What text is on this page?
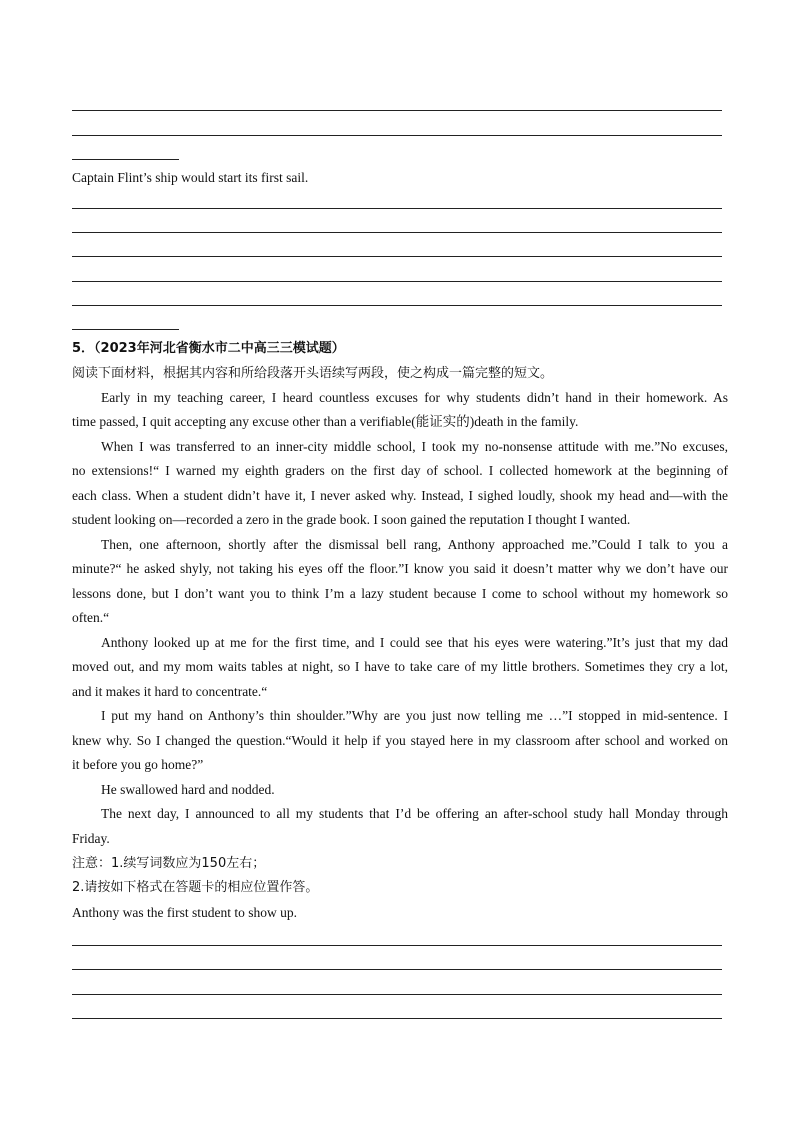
Captain Flint’s ship would start its first sail.
5．（2023年河北省衡水市二中高三三模试题）
阅读下面材料，根据其内容和所给段落开头语续写两段，使之构成一篇完整的短文。
Early in my teaching career, I heard countless excuses for why students didn’t hand in their homework. As
time passed, I quit accepting any excuse other than a verifiable(能证实的)death in the family.
When I was transferred to an inner-city middle school, I took my no-nonsense attitude with me.”No excuses,
no extensions!“ I warned my eighth graders on the first day of school. I collected homework at the beginning of
each class. When a student didn’t have it, I never asked why. Instead, I sighed loudly, shook my head and—with the
student looking on—recorded a zero in the grade book. I soon gained the reputation I thought I wanted.
Then, one afternoon, shortly after the dismissal bell rang, Anthony approached me.”Could I talk to you a
minute?“ he asked shyly, not taking his eyes off the floor.”I know you said it doesn’t matter why we don’t have our
lessons done, but I don’t want you to think I’m a lazy student because I come to school without my homework so
often.“
Anthony looked up at me for the first time, and I could see that his eyes were watering.”It’s just that my dad
moved out, and my mom waits tables at night, so I have to take care of my little brothers. Sometimes they cry a lot,
and it makes it hard to concentrate.“
I put my hand on Anthony’s thin shoulder.”Why are you just now telling me …”I stopped in mid-sentence. I
knew why. So I changed the question.“Would it help if you stayed here in my classroom after school and worked on
it before you go home?”
He swallowed hard and nodded.
The next day, I announced to all my students that I’d be offering an after-school study hall Monday through
Friday.
注意：1.续写词数应为150左右；
2.请按如下格式在答题卡的相应位置作答。
Anthony was the first student to show up.
